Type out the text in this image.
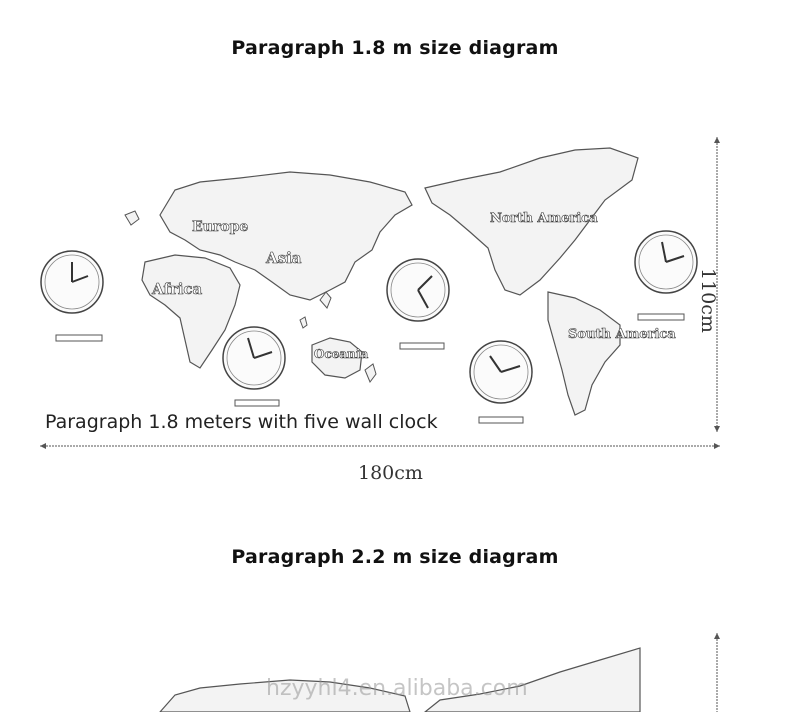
Paragraph 1.8 m size diagram
Europe
Asia
Africa
Oceania
North America
South America
Paragraph 1.8 meters with five wall clock
180cm
110cm
Paragraph 2.2 m size diagram
hzyyhl4.en.alibaba.com
